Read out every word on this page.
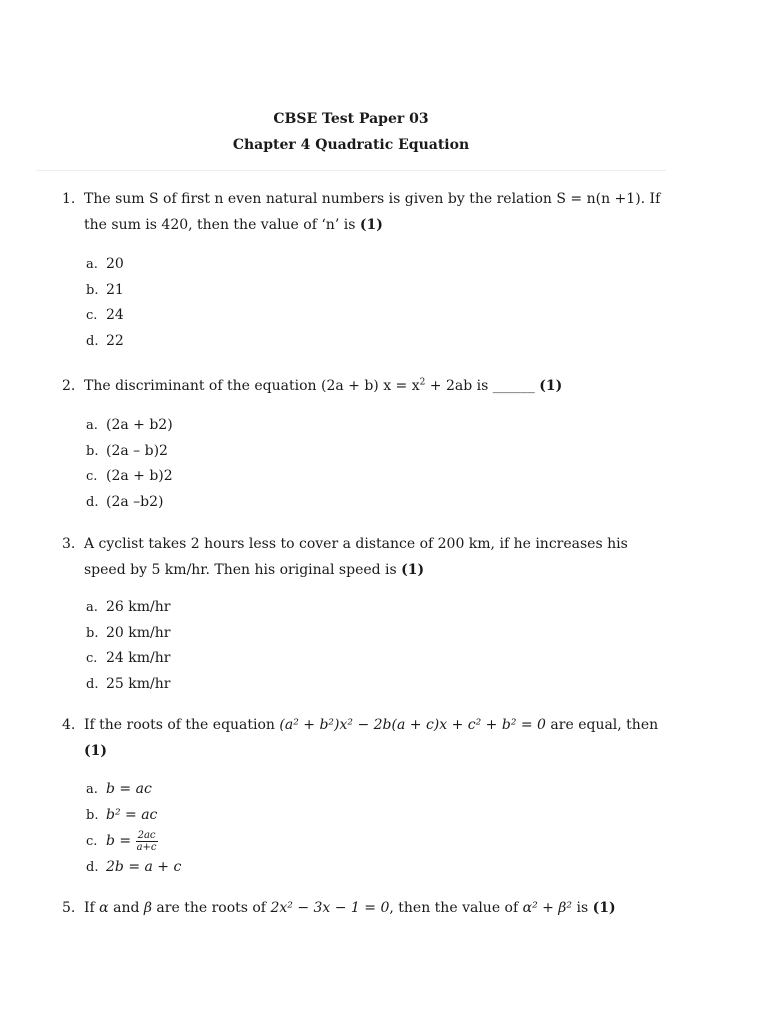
CBSE Test Paper 03
Chapter 4 Quadratic Equation
1. The sum S of first n even natural numbers is given by the relation S = n(n +1). If the sum is 420, then the value of ‘n’ is (1)
a. 20
b. 21
c. 24
d. 22
2. The discriminant of the equation (2a + b) $x = x^2 + 2ab$ is ______ (1)
a. (2a + b2)
b. (2a – b)2
c. (2a + b)2
d. (2a –b2)
3. A cyclist takes 2 hours less to cover a distance of 200 km, if he increases his speed by 5 km/hr. Then his original speed is (1)
a. 26 km/hr
b. 20 km/hr
c. 24 km/hr
d. 25 km/hr
4. If the roots of the equation (a² + b²)x² − 2b(a + c)x + c² + b² = 0 are equal, then
(1)
a. b = ac
b. b² = ac
c. $b = \frac{2ac}{a+c}$
d. 2b = a + c
5. If α and β are the roots of 2x² − 3x − 1 = 0, then the value of α² + β² is (1)
